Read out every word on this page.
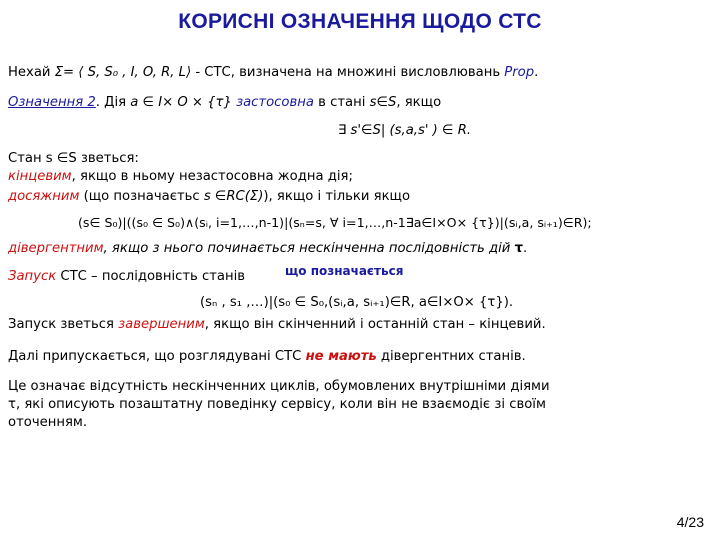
КОРИСНІ ОЗНАЧЕННЯ ЩОДО СТС
Нехай Σ= ⟨ S, S₀ , I, O, R, L⟩ - СТС, визначена на множині висловлювань Prop.
Означення 2. Дія a ∈ I× O × {τ} застосовна в стані s∈S, якщо
∃ s'∈S| (s,a,s' ) ∈ R.
Стан s ∈S зветься:
кінцевим, якщо в ньому незастосовна жодна дія;
досяжним (що позначаєтьс s ∈RC(Σ)), якщо і тільки якщо
(s∈ S₀)|((s₀ ∈ S₀)∧(sᵢ, i=1,…,n-1)|(sₙ=s, ∀ i=1,…,n-1∃a∈I×O× {τ})|(sᵢ,a, sᵢ₊₁)∈R);
дівергентним, якщо з нього починається нескінченна послідовність дій τ.
Запуск СТС – послідовність станів	що позначається
(sₙ , s₁ ,…)|(s₀ ∈ S₀,(sᵢ,a, sᵢ₊₁)∈R, a∈I×O× {τ}).
Запуск зветься завершеним, якщо він скінченний і останній стан – кінцевий.
Далі припускається, що розглядувані СТС не мають дівергентних станів.
Це означає відсутність нескінченних циклів, обумовлених внутрішніми діями
τ, які описують позаштатну поведінку сервісу, коли він не взаємодіє зі своїм
оточенням.
4/23
